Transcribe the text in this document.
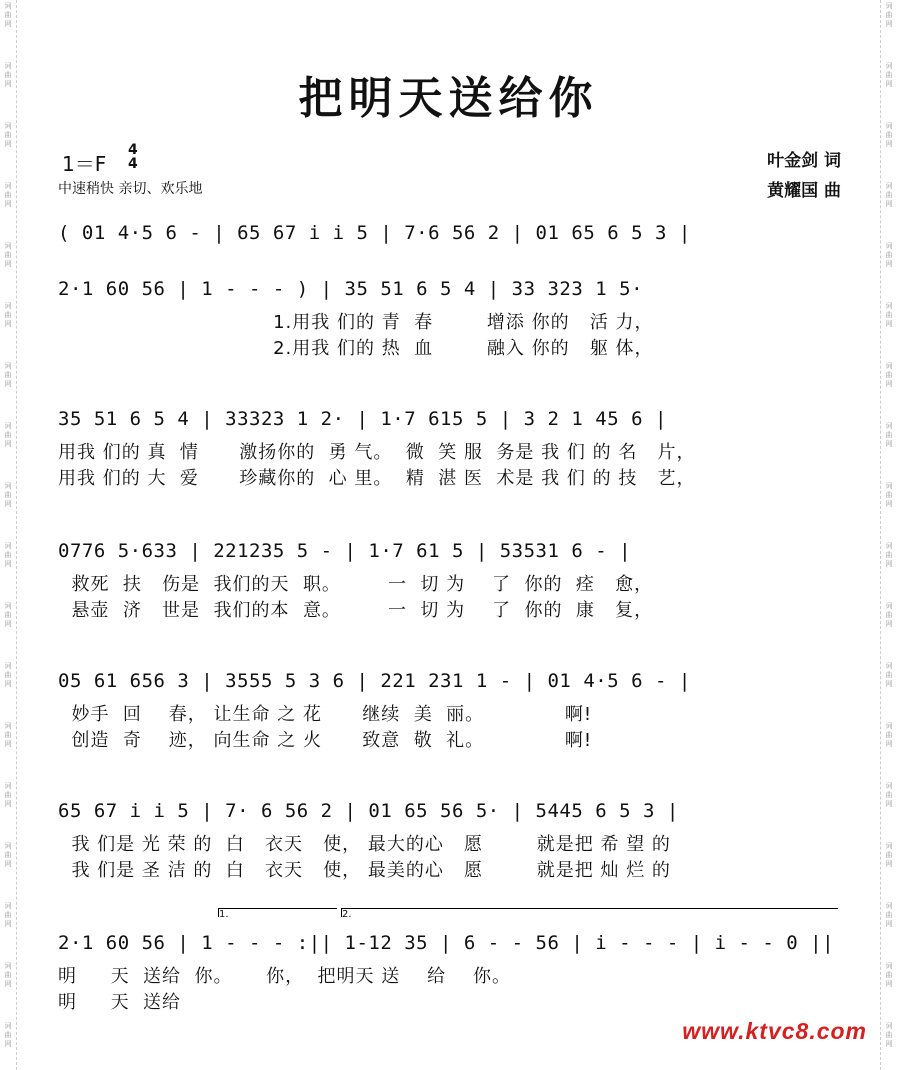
词
曲
网
词
曲
网
词
曲
网
词
曲
网
词
曲
网
词
曲
网
词
曲
网
词
曲
网
词
曲
网
词
曲
网
词
曲
网
词
曲
网
词
曲
网
词
曲
网
词
曲
网
词
曲
网
词
曲
网
词
曲
网
词
曲
网
词
曲
网
词
曲
网
词
曲
网
词
曲
网
词
曲
网
词
曲
网
词
曲
网
词
曲
网
词
曲
网
词
曲
网
词
曲
网
词
曲
网
词
曲
网
词
曲
网
词
曲
网
词
曲
网
词
曲
网
把明天送给你
1＝F
4
4
中速稍快 亲切、欢乐地
叶金剑 词
黄耀国 曲
( 01 4·5 6 - | 65 67 i i 5 | 7·6 56 2 | 01 65 6 5 3 |
2·1 60 56 | 1 - - - ) | 35 51 6 5 4 | 33 323 1 5·
1.用我 们的 青  春        增添 你的   活 力，
2.用我 们的 热  血        融入 你的   躯 体，
35 51 6 5 4 | 33323 1 2· | 1·7 615 5 | 3 2 1 45 6 |
用我 们的 真  情      激扬你的  勇 气。  微  笑 服  务是 我 们 的 名   片，
用我 们的 大  爱      珍藏你的  心 里。  精  湛 医  术是 我 们 的 技   艺，
0776 5·633 | 221235 5 - | 1·7 61 5 | 53531 6 - |
救死  扶   伤是  我们的天  职。       一  切 为    了  你的  痊   愈，
悬壶  济   世是  我们的本  意。       一  切 为    了  你的  康   复，
05 61 656 3 | 3555 5 3 6 | 221 231 1 - | 01 4·5 6 - |
妙手  回    春， 让生命 之 花      继续  美  丽。            啊!
创造  奇    迹， 向生命 之 火      致意  敬  礼。            啊!
65 67 i i 5 | 7· 6 56 2 | 01 65 56 5· | 5445 6 5 3 |
我 们是 光 荣 的  白   衣天   使， 最大的心   愿        就是把 希 望 的
我 们是 圣 洁 的  白   衣天   使， 最美的心   愿        就是把 灿 烂 的
2·1 60 56 | 1 - - - :|| 1-12 35 | 6 - - 56 | i - - - | i - - 0 ||
明     天  送给  你。     你，  把明天 送    给    你。
明     天  送给
1.	2.
www.ktvc8.com
